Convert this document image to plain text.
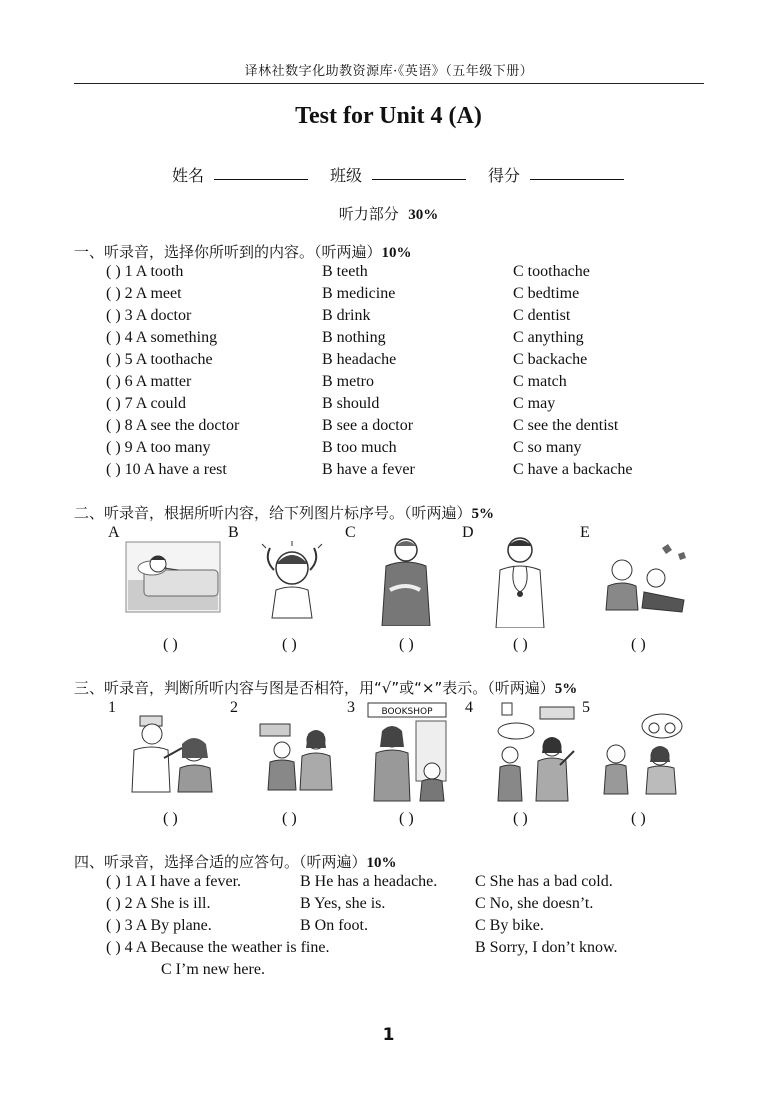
译林社数字化助教资源库·《英语》（五年级下册）
Test for Unit 4 (A)
姓名	班级	得分
听力部分 30%
一、听录音，选择你所听到的内容。（听两遍）10%
( ) 1 A tooth	B teeth	C toothache
( ) 2 A meet	B medicine	C bedtime
( ) 3 A doctor	B drink	C dentist
( ) 4 A something	B nothing	C anything
( ) 5 A toothache	B headache	C backache
( ) 6 A matter	B metro	C match
( ) 7 A could	B should	C may
( ) 8 A see the doctor	B see a doctor	C see the dentist
( ) 9 A too many	B too much	C so many
( ) 10 A have a rest	B have a fever	C have a backache
二、听录音，根据所听内容，给下列图片标序号。（听两遍）5%
A	B	C	D	E
( )	( )	( )	( )	( )
三、听录音，判断所听内容与图是否相符，用“√”或“×”表示。（听两遍）5%
1	2	3	4	5
BOOKSHOP
( )	( )	( )	( )	( )
四、听录音，选择合适的应答句。（听两遍）10%
( ) 1 A I have a fever.	B He has a headache. C She has a bad cold.
( ) 2 A She is ill.	B Yes, she is.	C No, she doesn’t.
( ) 3 A By plane.	B On foot.	C By bike.
( ) 4 A Because the weather is fine.	B Sorry, I don’t know.
C I’m new here.
1
